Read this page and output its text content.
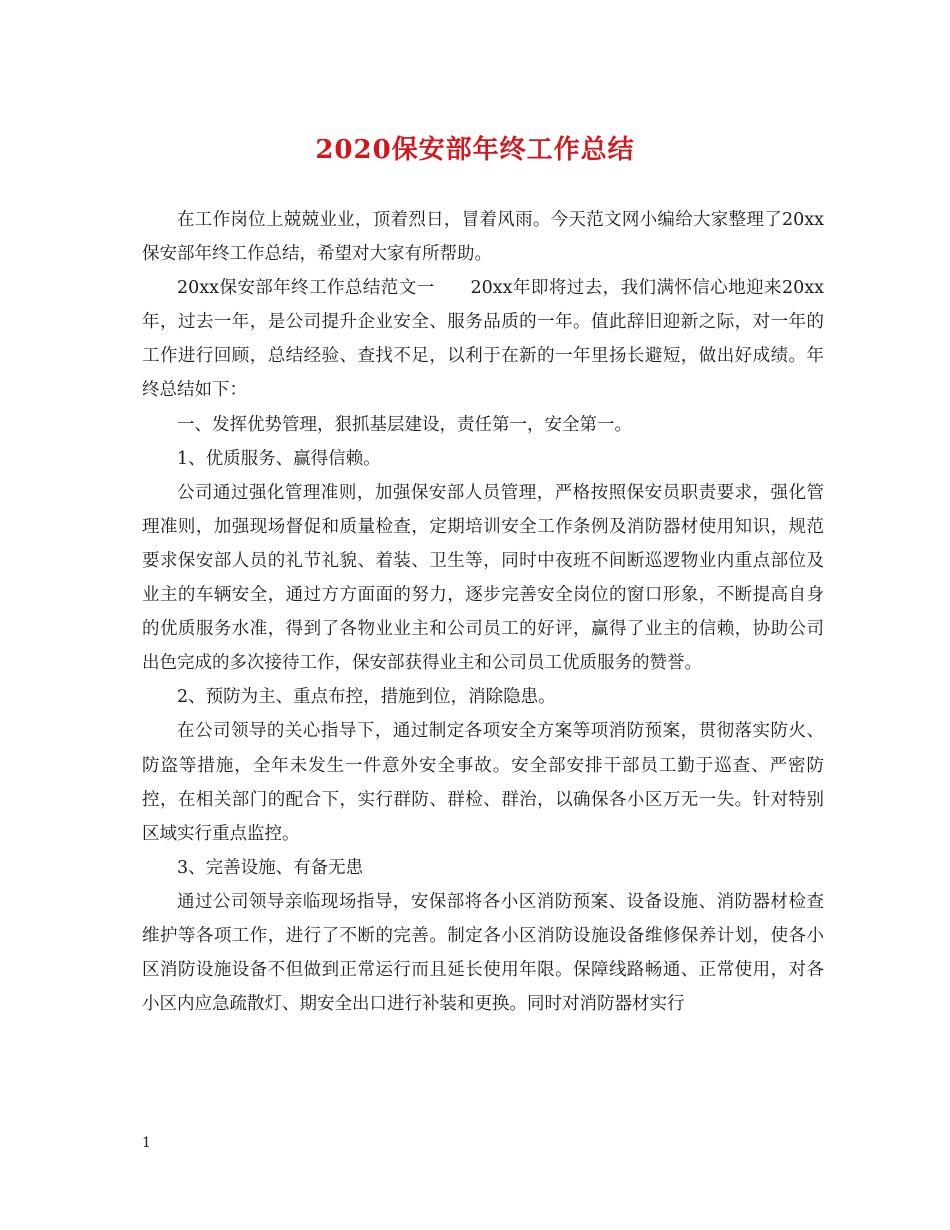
2020保安部年终工作总结

在工作岗位上兢兢业业，顶着烈日，冒着风雨。今天范文网小编给大家整理了20xx保安部年终工作总结，希望对大家有所帮助。

20xx保安部年终工作总结范文一　　20xx年即将过去，我们满怀信心地迎来20xx年，过去一年，是公司提升企业安全、服务品质的一年。值此辞旧迎新之际，对一年的工作进行回顾，总结经验、查找不足，以利于在新的一年里扬长避短，做出好成绩。年终总结如下：

一、发挥优势管理，狠抓基层建设，责任第一，安全第一。

1、优质服务、赢得信赖。

公司通过强化管理准则，加强保安部人员管理，严格按照保安员职责要求，强化管理准则，加强现场督促和质量检查，定期培训安全工作条例及消防器材使用知识，规范要求保安部人员的礼节礼貌、着装、卫生等，同时中夜班不间断巡逻物业内重点部位及业主的车辆安全，通过方方面面的努力，逐步完善安全岗位的窗口形象，不断提高自身的优质服务水准，得到了各物业业主和公司员工的好评，赢得了业主的信赖，协助公司出色完成的多次接待工作，保安部获得业主和公司员工优质服务的赞誉。

2、预防为主、重点布控，措施到位，消除隐患。

在公司领导的关心指导下，通过制定各项安全方案等项消防预案，贯彻落实防火、防盗等措施，全年未发生一件意外安全事故。安全部安排干部员工勤于巡查、严密防控，在相关部门的配合下，实行群防、群检、群治，以确保各小区万无一失。针对特别区域实行重点监控。

3、完善设施、有备无患

通过公司领导亲临现场指导，安保部将各小区消防预案、设备设施、消防器材检查维护等各项工作，进行了不断的完善。制定各小区消防设施设备维修保养计划，使各小区消防设施设备不但做到正常运行而且延长使用年限。保障线路畅通、正常使用，对各小区内应急疏散灯、期安全出口进行补装和更换。同时对消防器材实行

1
